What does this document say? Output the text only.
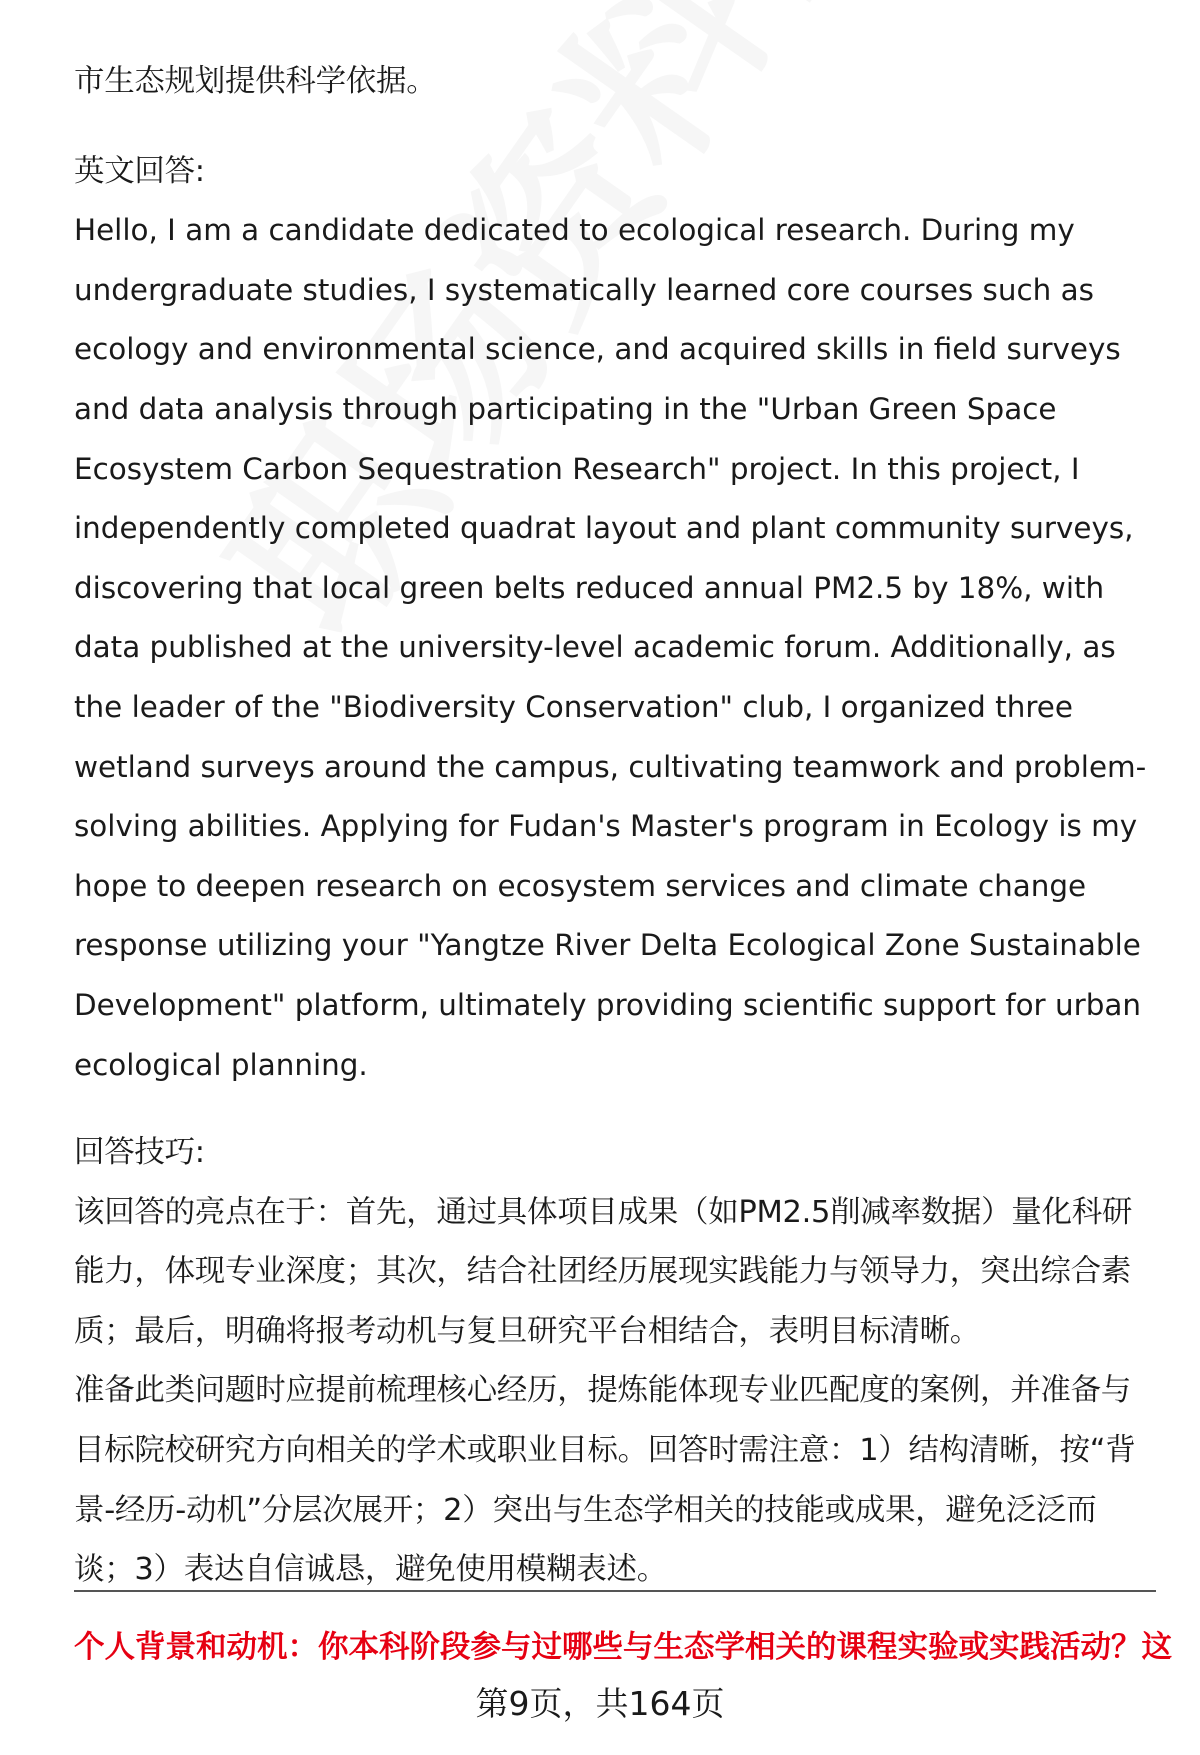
市生态规划提供科学依据。

英文回答:

Hello, I am a candidate dedicated to ecological research. During my undergraduate studies, I systematically learned core courses such as ecology and environmental science, and acquired skills in field surveys and data analysis through participating in the "Urban Green Space Ecosystem Carbon Sequestration Research" project. In this project, I independently completed quadrat layout and plant community surveys, discovering that local green belts reduced annual PM2.5 by 18%, with data published at the university-level academic forum. Additionally, as the leader of the "Biodiversity Conservation" club, I organized three wetland surveys around the campus, cultivating teamwork and problem-solving abilities. Applying for Fudan's Master's program in Ecology is my hope to deepen research on ecosystem services and climate change response utilizing your "Yangtze River Delta Ecological Zone Sustainable Development" platform, ultimately providing scientific support for urban ecological planning.

回答技巧:

该回答的亮点在于：首先，通过具体项目成果（如PM2.5削减率数据）量化科研能力，体现专业深度；其次，结合社团经历展现实践能力与领导力，突出综合素质；最后，明确将报考动机与复旦研究平台相结合，表明目标清晰。

准备此类问题时应提前梳理核心经历，提炼能体现专业匹配度的案例，并准备与目标院校研究方向相关的学术或职业目标。回答时需注意：1）结构清晰，按“背景-经历-动机”分层次展开；2）突出与生态学相关的技能或成果，避免泛泛而谈；3）表达自信诚恳，避免使用模糊表述。

个人背景和动机：你本科阶段参与过哪些与生态学相关的课程实验或实践活动？这
第9页，共164页
